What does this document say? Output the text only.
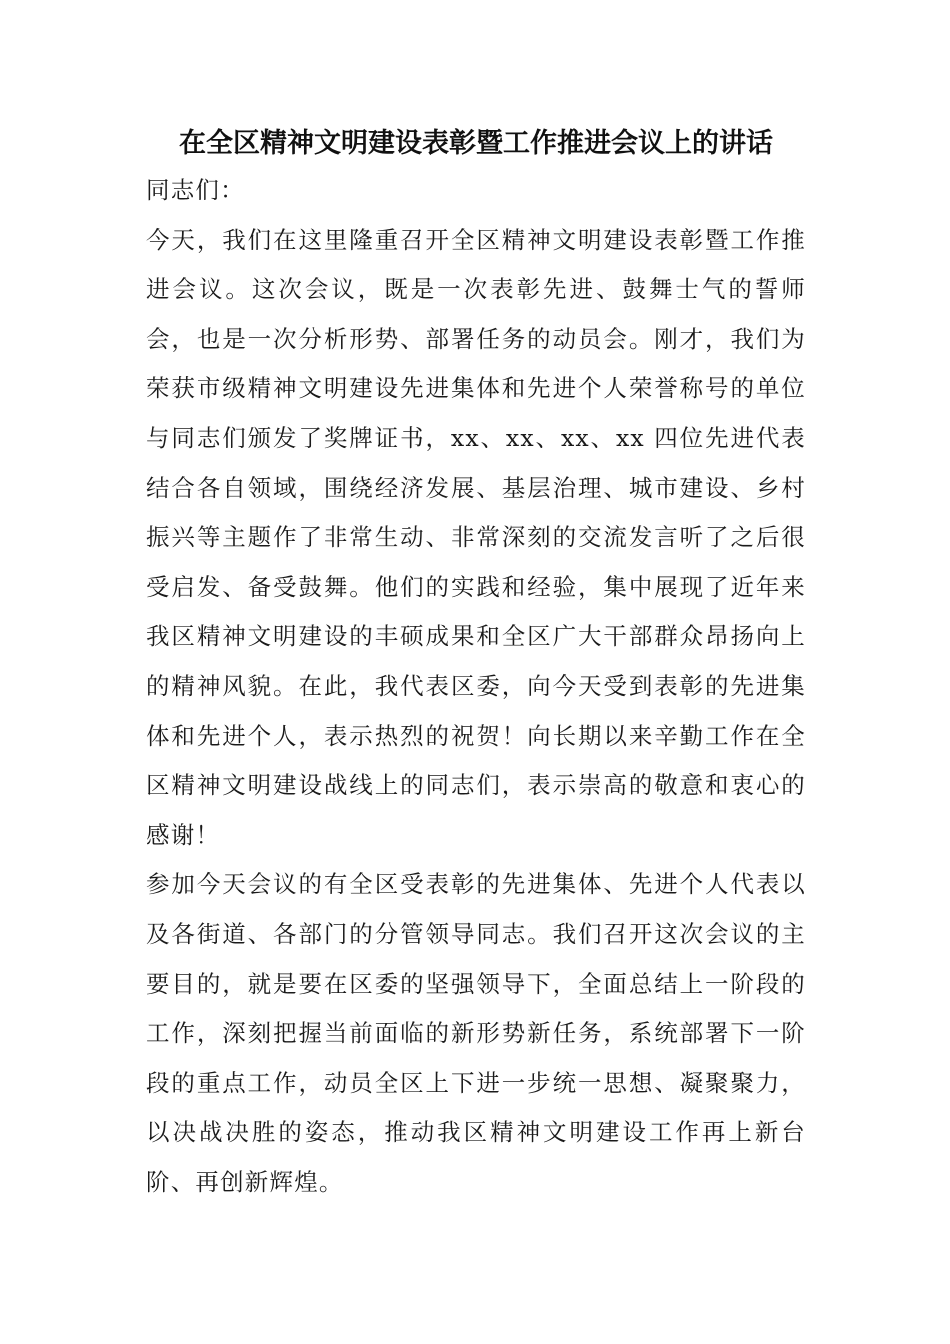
在全区精神文明建设表彰暨工作推进会议上的讲话
同志们：
今天，我们在这里隆重召开全区精神文明建设表彰暨工作推进会议。这次会议，既是一次表彰先进、鼓舞士气的誓师会，也是一次分析形势、部署任务的动员会。刚才，我们为荣获市级精神文明建设先进集体和先进个人荣誉称号的单位与同志们颁发了奖牌证书，xx、xx、xx、xx 四位先进代表结合各自领域，围绕经济发展、基层治理、城市建设、乡村振兴等主题作了非常生动、非常深刻的交流发言听了之后很受启发、备受鼓舞。他们的实践和经验，集中展现了近年来我区精神文明建设的丰硕成果和全区广大干部群众昂扬向上的精神风貌。在此，我代表区委，向今天受到表彰的先进集体和先进个人，表示热烈的祝贺！向长期以来辛勤工作在全区精神文明建设战线上的同志们，表示崇高的敬意和衷心的感谢！
参加今天会议的有全区受表彰的先进集体、先进个人代表以及各街道、各部门的分管领导同志。我们召开这次会议的主要目的，就是要在区委的坚强领导下，全面总结上一阶段的工作，深刻把握当前面临的新形势新任务，系统部署下一阶段的重点工作，动员全区上下进一步统一思想、凝聚聚力，以决战决胜的姿态，推动我区精神文明建设工作再上新台阶、再创新辉煌。
